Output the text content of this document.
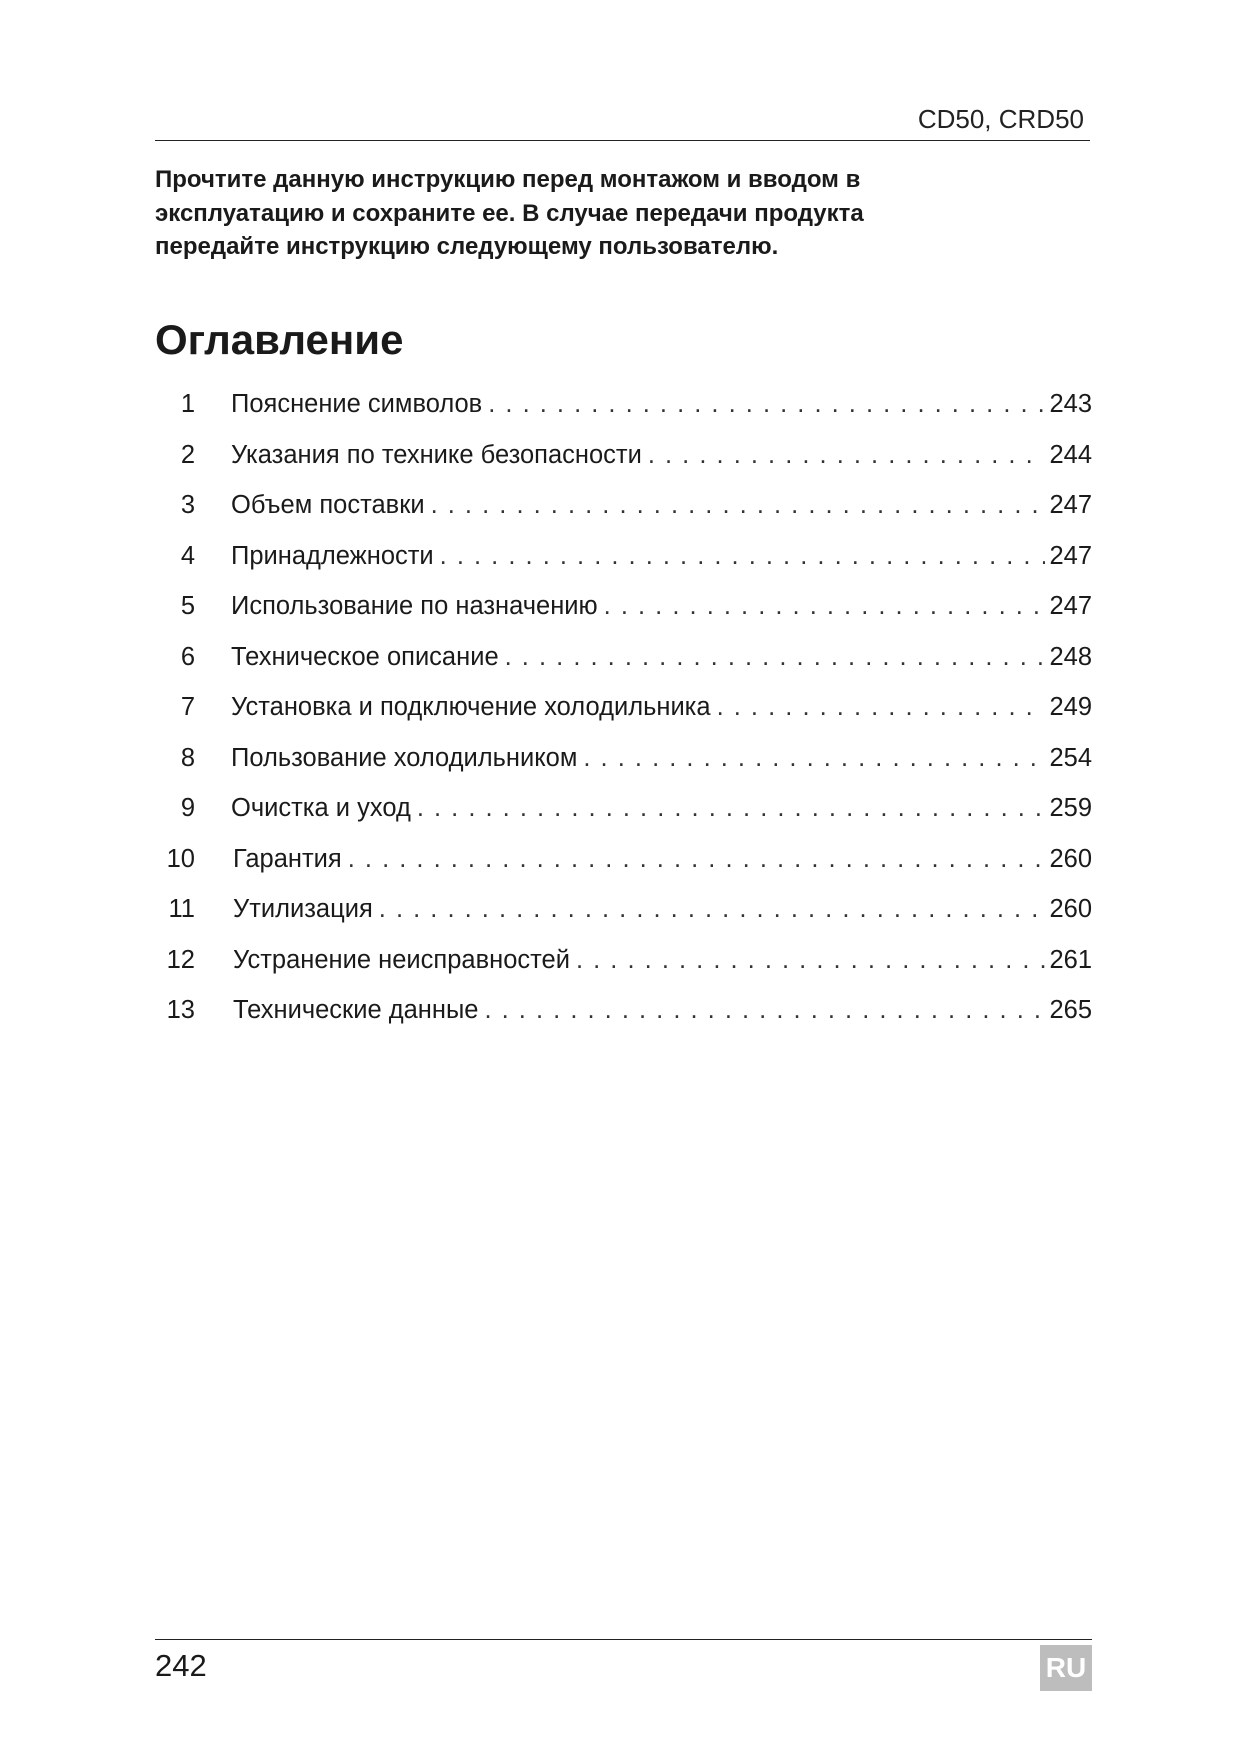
CD50, CRD50
Прочтите данную инструкцию перед монтажом и вводом в
эксплуатацию и сохраните ее. В случае передачи продукта
передайте инструкцию следующему пользователю.
Оглавление
1 Пояснение символов . . .	243
2 Указания по технике безопасности . . .	244
3 Объем поставки . . .	247
4 Принадлежности . . .	247
5 Использование по назначению . . .	247
6 Техническое описание . . .	248
7 Установка и подключение холодильника . . .	249
8 Пользование холодильником . . .	254
9 Очистка и уход . . .	259
10 Гарантия . . .	260
11 Утилизация . . .	260
12 Устранение неисправностей . . .	261
13 Технические данные . . .	265
242	RU
